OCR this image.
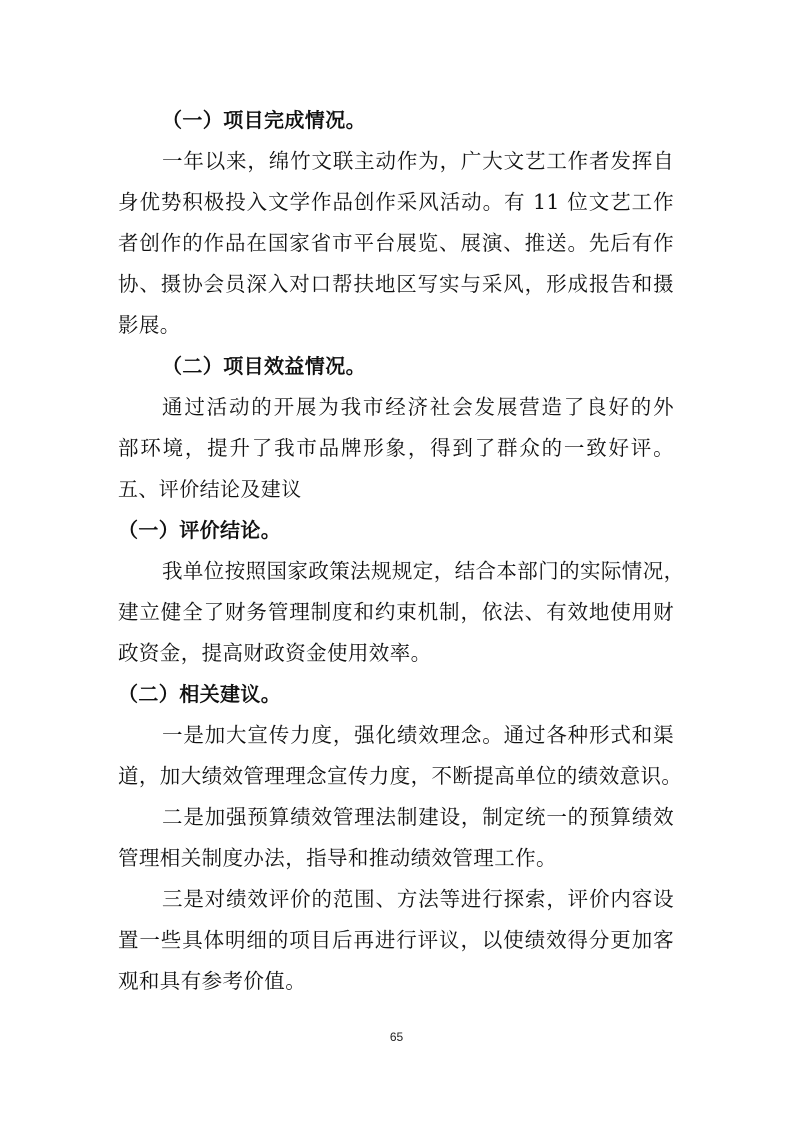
（一）项目完成情况。
一年以来，绵竹文联主动作为，广大文艺工作者发挥自
身优势积极投入文学作品创作采风活动。有 11 位文艺工作
者创作的作品在国家省市平台展览、展演、推送。先后有作
协、摄协会员深入对口帮扶地区写实与采风，形成报告和摄
影展。
（二）项目效益情况。
通过活动的开展为我市经济社会发展营造了良好的外
部环境，提升了我市品牌形象，得到了群众的一致好评。
五、评价结论及建议
（一）评价结论。
我单位按照国家政策法规规定，结合本部门的实际情况，
建立健全了财务管理制度和约束机制，依法、有效地使用财
政资金，提高财政资金使用效率。
（二）相关建议。
一是加大宣传力度，强化绩效理念。通过各种形式和渠
道，加大绩效管理理念宣传力度，不断提高单位的绩效意识。
二是加强预算绩效管理法制建设，制定统一的预算绩效
管理相关制度办法，指导和推动绩效管理工作。
三是对绩效评价的范围、方法等进行探索，评价内容设
置一些具体明细的项目后再进行评议，以使绩效得分更加客
观和具有参考价值。
65
